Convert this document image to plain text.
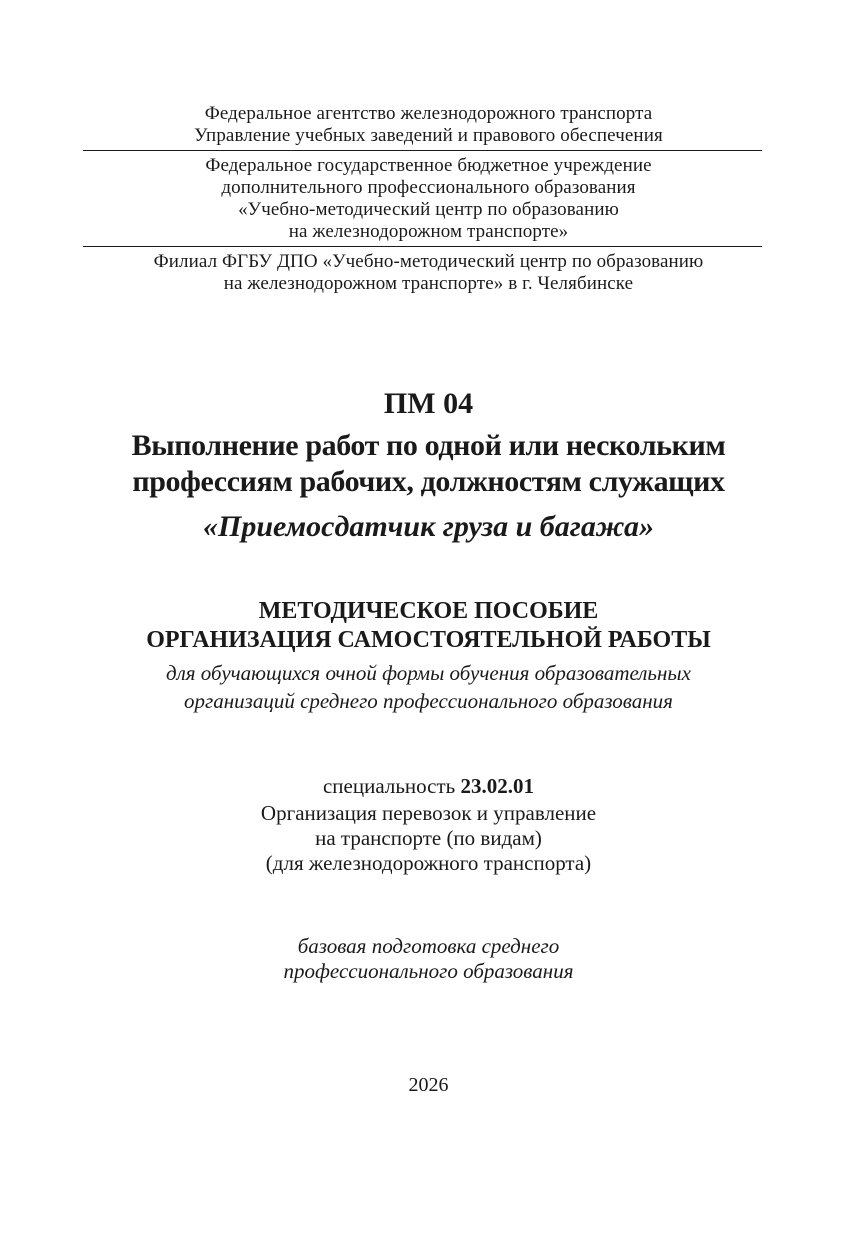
Федеральное агентство железнодорожного транспорта
Управление учебных заведений и правового обеспечения
Федеральное государственное бюджетное учреждение
дополнительного профессионального образования
«Учебно-методический центр по образованию
на железнодорожном транспорте»
Филиал ФГБУ ДПО «Учебно-методический центр по образованию
на железнодорожном транспорте» в г. Челябинске
ПМ 04
Выполнение работ по одной или нескольким
профессиям рабочих, должностям служащих
«Приемосдатчик груза и багажа»
МЕТОДИЧЕСКОЕ ПОСОБИЕ
ОРГАНИЗАЦИЯ САМОСТОЯТЕЛЬНОЙ РАБОТЫ
для обучающихся очной формы обучения образовательных
организаций среднего профессионального образования
специальность 23.02.01
Организация перевозок и управление
на транспорте (по видам)
(для железнодорожного транспорта)
базовая подготовка среднего
профессионального образования
2026
